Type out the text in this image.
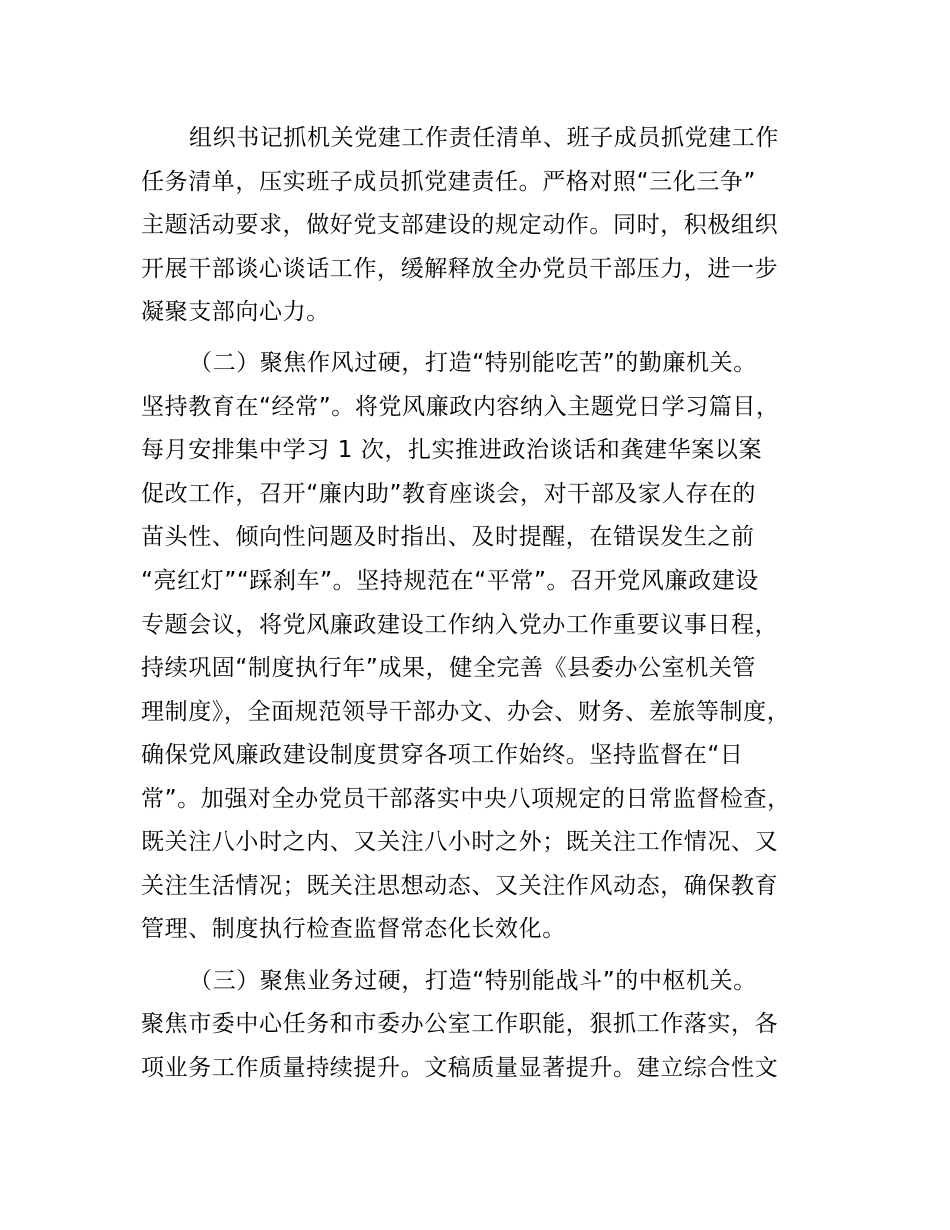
组织书记抓机关党建工作责任清单、班子成员抓党建工作
任务清单，压实班子成员抓党建责任。严格对照“三化三争”
主题活动要求，做好党支部建设的规定动作。同时，积极组织
开展干部谈心谈话工作，缓解释放全办党员干部压力，进一步
凝聚支部向心力。
（二）聚焦作风过硬，打造“特别能吃苦”的勤廉机关。
坚持教育在“经常”。将党风廉政内容纳入主题党日学习篇目，
每月安排集中学习 1 次，扎实推进政治谈话和龚建华案以案
促改工作，召开“廉内助”教育座谈会，对干部及家人存在的
苗头性、倾向性问题及时指出、及时提醒，在错误发生之前
“亮红灯”“踩刹车”。坚持规范在“平常”。召开党风廉政建设
专题会议，将党风廉政建设工作纳入党办工作重要议事日程，
持续巩固“制度执行年”成果，健全完善《县委办公室机关管
理制度》，全面规范领导干部办文、办会、财务、差旅等制度，
确保党风廉政建设制度贯穿各项工作始终。坚持监督在“日
常”。加强对全办党员干部落实中央八项规定的日常监督检查，
既关注八小时之内、又关注八小时之外；既关注工作情况、又
关注生活情况；既关注思想动态、又关注作风动态，确保教育
管理、制度执行检查监督常态化长效化。
（三）聚焦业务过硬，打造“特别能战斗”的中枢机关。
聚焦市委中心任务和市委办公室工作职能，狠抓工作落实，各
项业务工作质量持续提升。文稿质量显著提升。建立综合性文
